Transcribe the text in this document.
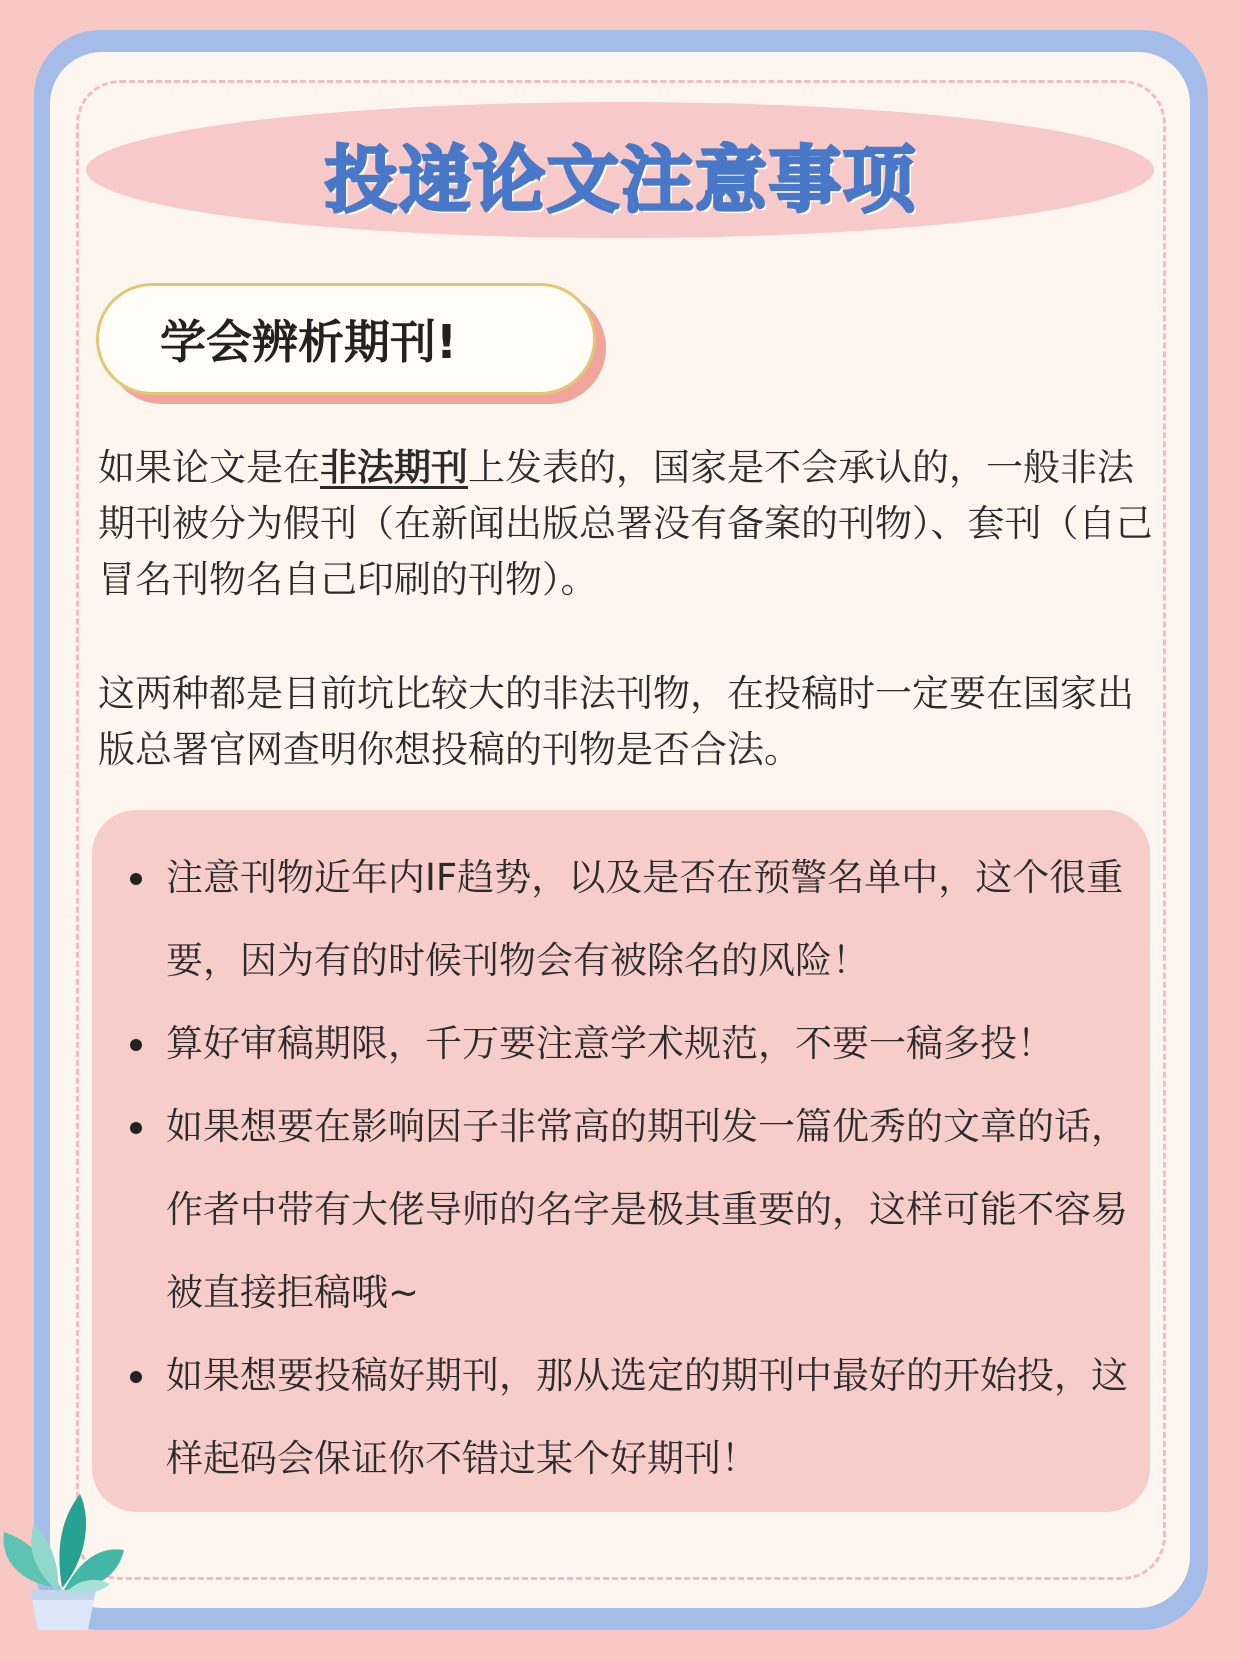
投递论文注意事项
学会辨析期刊!

如果论文是在非法期刊上发表的，国家是不会承认的，一般非法期刊被分为假刊（在新闻出版总署没有备案的刊物）、套刊（自己冒名刊物名自己印刷的刊物）。

这两种都是目前坑比较大的非法刊物，在投稿时一定要在国家出版总署官网查明你想投稿的刊物是否合法。

注意刊物近年内IF趋势，以及是否在预警名单中，这个很重要，因为有的时候刊物会有被除名的风险！
算好审稿期限，千万要注意学术规范，不要一稿多投！
如果想要在影响因子非常高的期刊发一篇优秀的文章的话，作者中带有大佬导师的名字是极其重要的，这样可能不容易被直接拒稿哦~
如果想要投稿好期刊，那从选定的期刊中最好的开始投，这样起码会保证你不错过某个好期刊！
